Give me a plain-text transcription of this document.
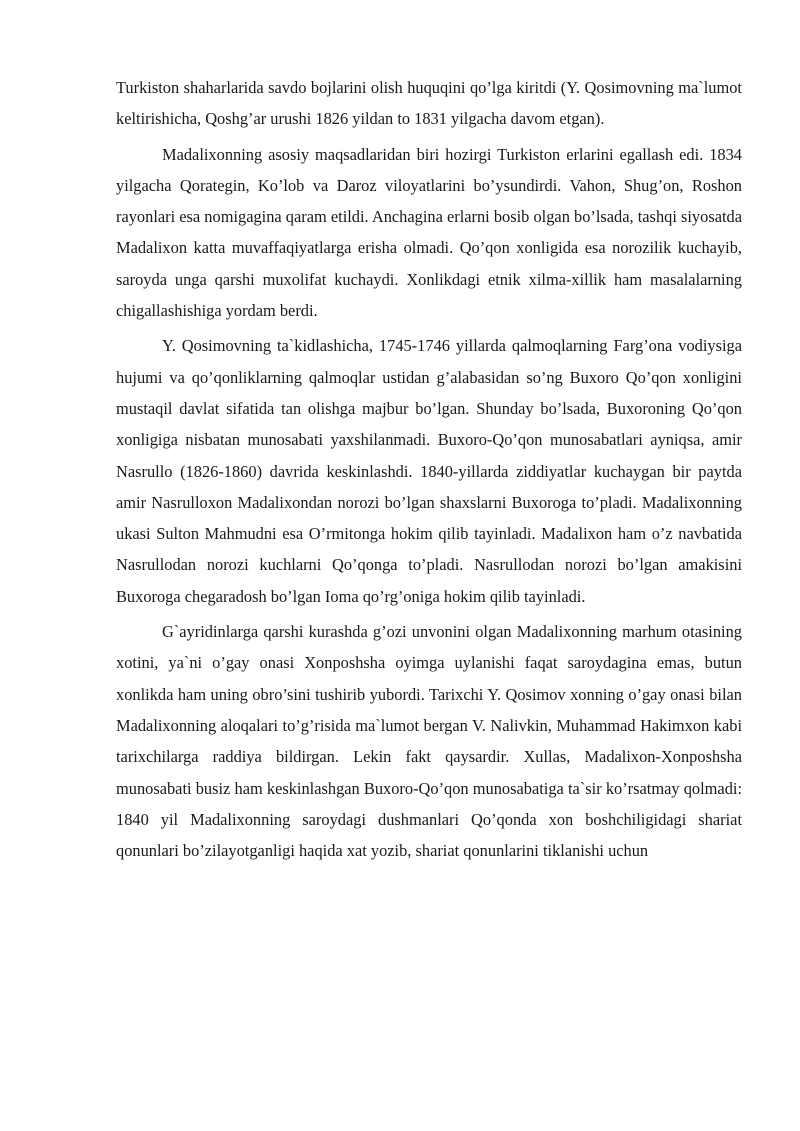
Turkiston shaharlarida savdo bojlarini olish huquqini qo’lga kiritdi (Y. Qosimovning ma`lumot keltirishicha, Qoshg’ar urushi 1826 yildan to 1831 yilgacha davom etgan).

Madalixonning asosiy maqsadlaridan biri hozirgi Turkiston erlarini egallash edi. 1834 yilgacha Qorategin, Ko’lob va Daroz viloyatlarini bo’ysundirdi. Vahon, Shug’on, Roshon rayonlari esa nomigagina qaram etildi. Anchagina erlarni bosib olgan bo’lsada, tashqi siyosatda Madalixon katta muvaffaqiyatlarga erisha olmadi. Qo’qon xonligida esa norozilik kuchayib, saroyda unga qarshi muxolifat kuchaydi. Xonlikdagi etnik xilma-xillik ham masalalarning chigallashishiga yordam berdi.

Y. Qosimovning ta`kidlashicha, 1745-1746 yillarda qalmoqlarning Farg’ona vodiysiga hujumi va qo’qonliklarning qalmoqlar ustidan g’alabasidan so’ng Buxoro Qo’qon xonligini mustaqil davlat sifatida tan olishga majbur bo’lgan. Shunday bo’lsada, Buxoroning Qo’qon xonligiga nisbatan munosabati yaxshilanmadi. Buxoro-Qo’qon munosabatlari ayniqsa, amir Nasrullo (1826-1860) davrida keskinlashdi. 1840-yillarda ziddiyatlar kuchaygan bir paytda amir Nasrulloxon Madalixondan norozi bo’lgan shaxslarni Buxoroga to’pladi. Madalixonning ukasi Sulton Mahmudni esa O’rmitonga hokim qilib tayinladi. Madalixon ham o’z navbatida Nasrullodan norozi kuchlarni Qo’qonga to’pladi. Nasrullodan norozi bo’lgan amakisini Buxoroga chegaradosh bo’lgan Ioma qo’rg’oniga hokim qilib tayinladi.

G`ayridinlarga qarshi kurashda g’ozi unvonini olgan Madalixonning marhum otasining xotini, ya`ni o’gay onasi Xonposhsha oyimga uylanishi faqat saroydagina emas, butun xonlikda ham uning obro’sini tushirib yubordi. Tarixchi Y. Qosimov xonning o’gay onasi bilan Madalixonning aloqalari to’g’risida ma`lumot bergan V. Nalivkin, Muhammad Hakimxon kabi tarixchilarga raddiya bildirgan. Lekin fakt qaysardir. Xullas, Madalixon-Xonposhsha munosabati busiz ham keskinlashgan Buxoro-Qo’qon munosabatiga ta`sir ko’rsatmay qolmadi: 1840 yil Madalixonning saroydagi dushmanlari Qo’qonda xon boshchiligidagi shariat qonunlari bo’zilayotganligi haqida xat yozib, shariat qonunlarini tiklanishi uchun
